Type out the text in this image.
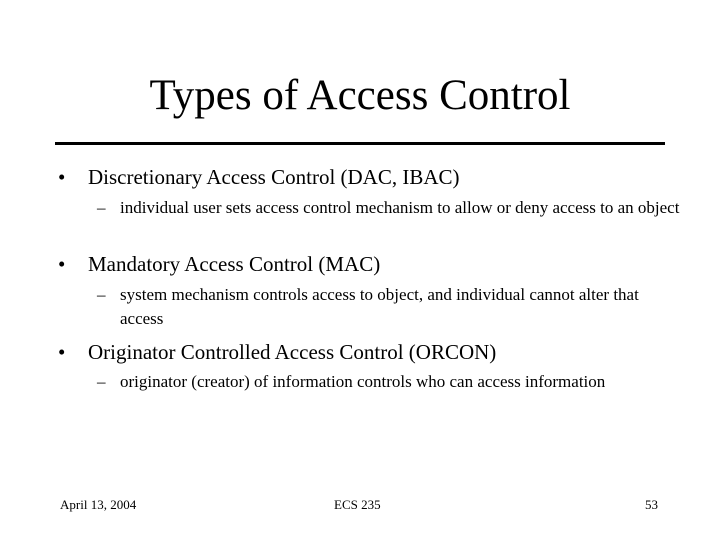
Types of Access Control
• Discretionary Access Control (DAC, IBAC)
– individual user sets access control mechanism to allow or deny access to an object
• Mandatory Access Control (MAC)
– system mechanism controls access to object, and individual cannot alter that access
• Originator Controlled Access Control (ORCON)
– originator (creator) of information controls who can access information
April 13, 2004	ECS 235	53
